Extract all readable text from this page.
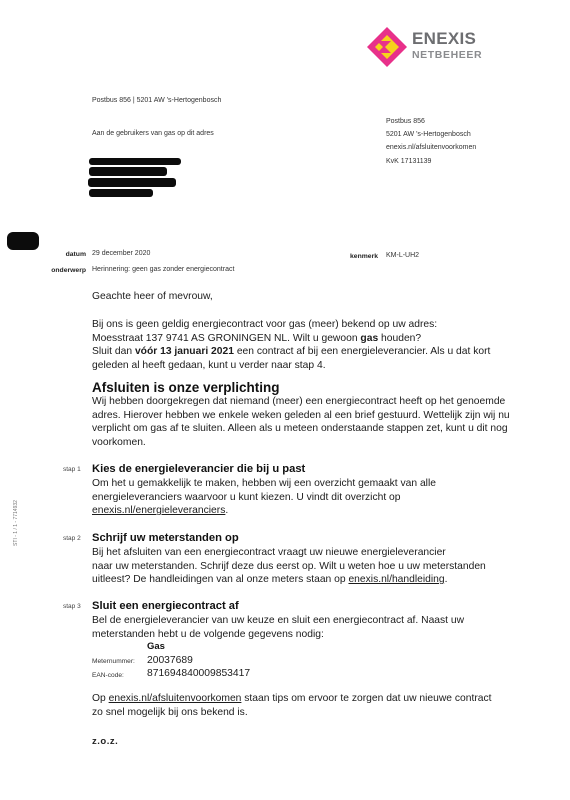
ENEXIS
NETBEHEER
Postbus 856 | 5201 AW 's-Hertogenbosch
Postbus 856
5201 AW 's-Hertogenbosch
enexis.nl/afsluitenvoorkomen
KvK 17131139
Aan de gebruikers van gas op dit adres
STI - 1 / 1 - 7714932
datum 29 december 2020	kenmerk KM-L-UH2
onderwerp Herinnering: geen gas zonder energiecontract
Geachte heer of mevrouw,
Bij ons is geen geldig energiecontract voor gas (meer) bekend op uw adres:
Moesstraat 137 9741 AS GRONINGEN NL. Wilt u gewoon gas houden?
Sluit dan vóór 13 januari 2021 een contract af bij een energieleverancier. Als u dat kort
geleden al heeft gedaan, kunt u verder naar stap 4.
Afsluiten is onze verplichting
Wij hebben doorgekregen dat niemand (meer) een energiecontract heeft op het genoemde
adres. Hierover hebben we enkele weken geleden al een brief gestuurd. Wettelijk zijn wij nu
verplicht om gas af te sluiten. Alleen als u meteen onderstaande stappen zet, kunt u dit nog
voorkomen.
stap 1 Kies de energieleverancier die bij u past
Om het u gemakkelijk te maken, hebben wij een overzicht gemaakt van alle
energieleveranciers waarvoor u kunt kiezen. U vindt dit overzicht op
enexis.nl/energieleveranciers.
stap 2 Schrijf uw meterstanden op
Bij het afsluiten van een energiecontract vraagt uw nieuwe energieleverancier
naar uw meterstanden. Schrijf deze dus eerst op. Wilt u weten hoe u uw meterstanden
uitleest? De handleidingen van al onze meters staan op enexis.nl/handleiding.
stap 3 Sluit een energiecontract af
Bel de energieleverancier van uw keuze en sluit een energiecontract af. Naast uw
meterstanden hebt u de volgende gegevens nodig:
Gas
Meternummer: 20037689
EAN-code: 871694840009853417
Op enexis.nl/afsluitenvoorkomen staan tips om ervoor te zorgen dat uw nieuwe contract
zo snel mogelijk bij ons bekend is.
z.o.z.
